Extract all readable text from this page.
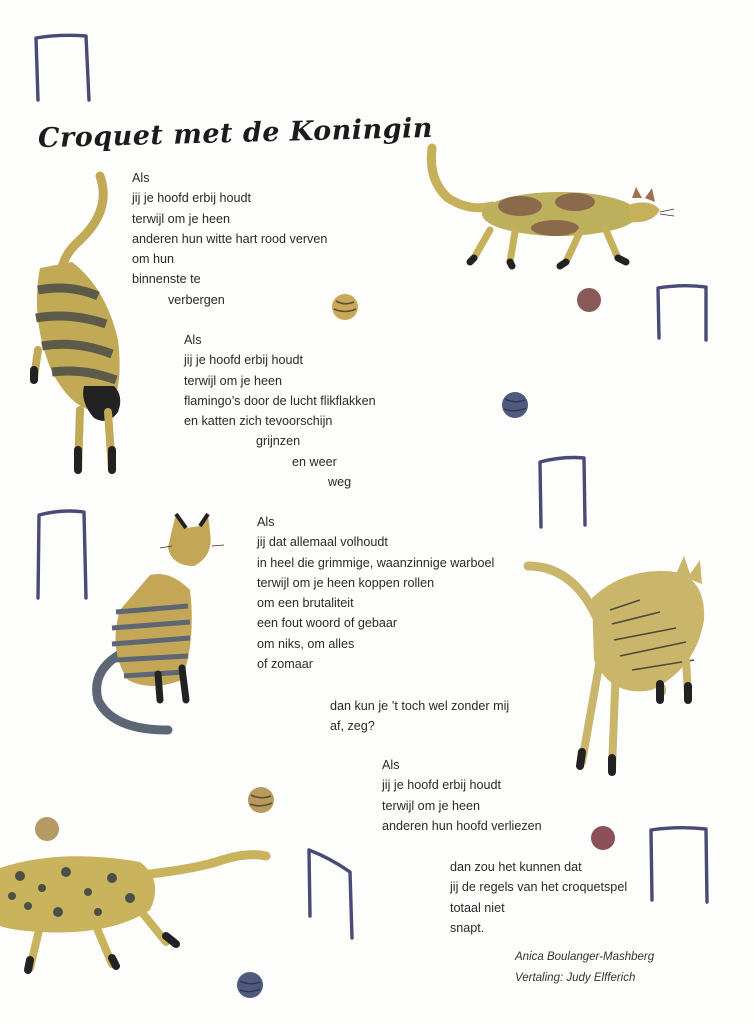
Croquet met de Koningin
Als
jij je hoofd erbij houdt
terwijl om je heen
anderen hun witte hart rood verven
om hun
binnenste te
verbergen
Als
jij je hoofd erbij houdt
terwijl om je heen
flamingo’s door de lucht flikflakken
en katten zich tevoorschijn
grijnzen
en weer
weg
Als
jij dat allemaal volhoudt
in heel die grimmige, waanzinnige warboel
terwijl om je heen koppen rollen
om een brutaliteit
een fout woord of gebaar
om niks, om alles
of zomaar
dan kun je ’t toch wel zonder mij
af, zeg?
Als
jij je hoofd erbij houdt
terwijl om je heen
anderen hun hoofd verliezen
dan zou het kunnen dat
jij de regels van het croquetspel
totaal niet
snapt.
Anica Boulanger-Mashberg
Vertaling: Judy Elfferich
